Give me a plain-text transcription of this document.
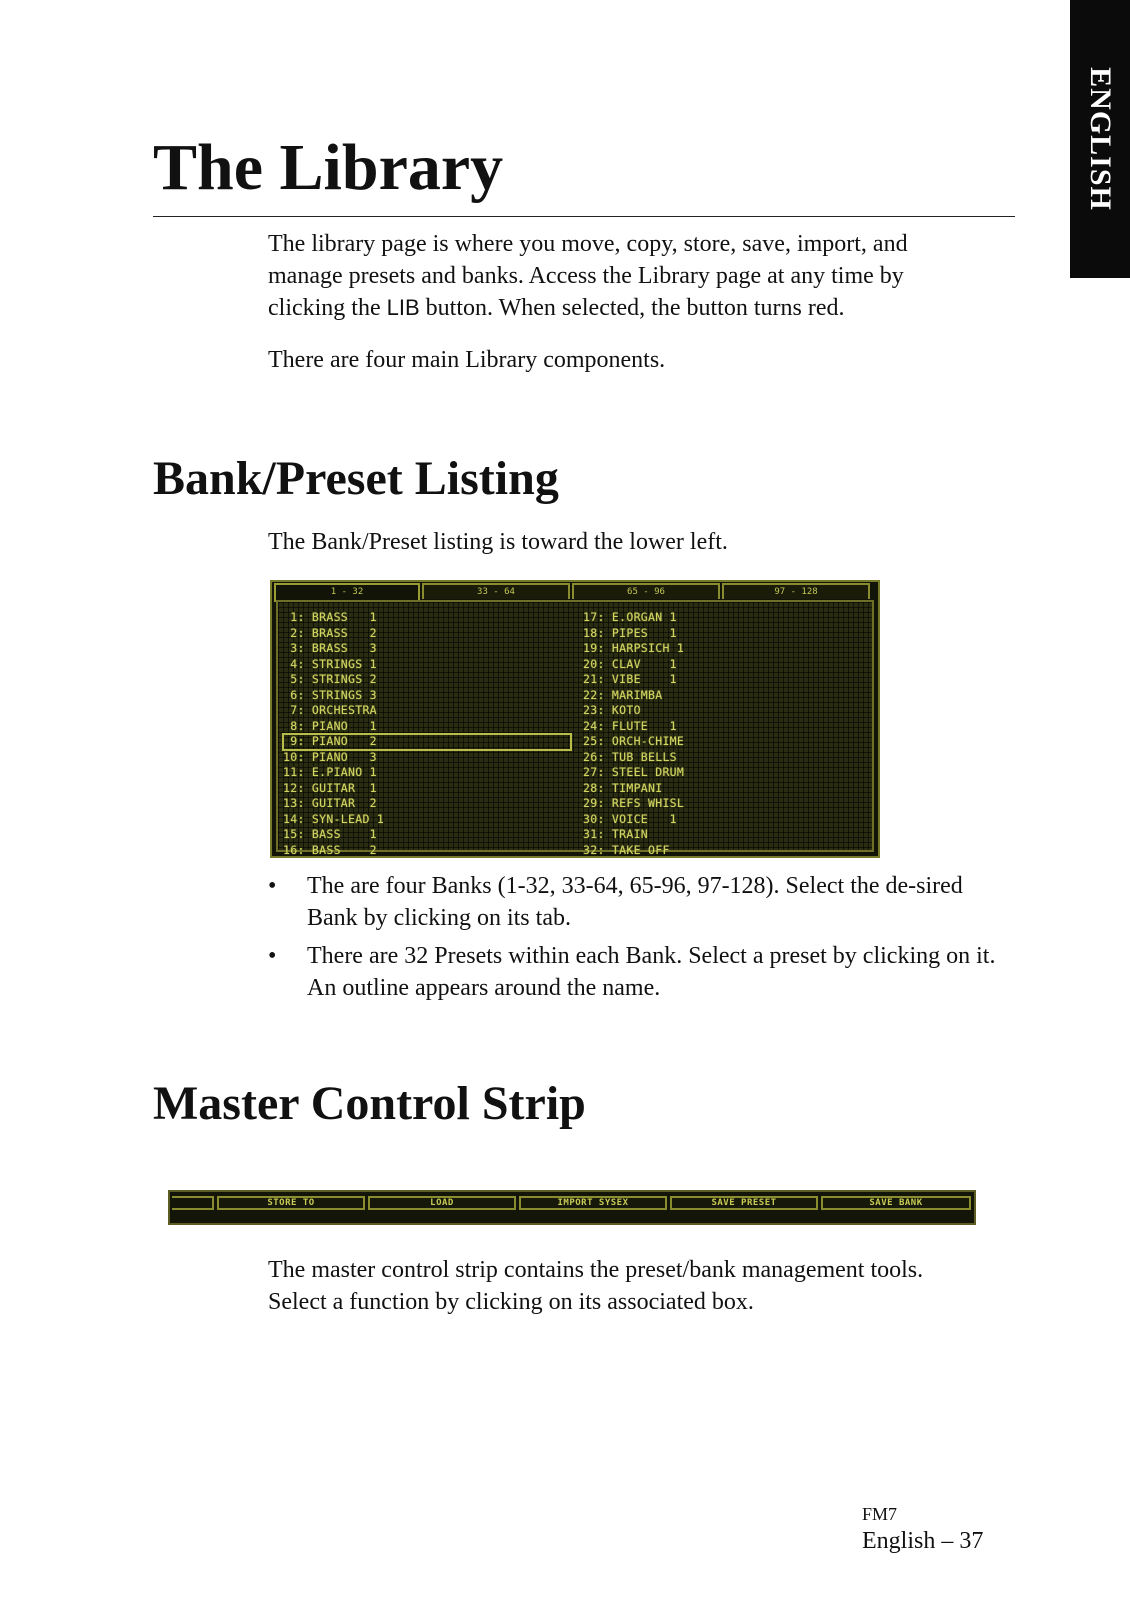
ENGLISH
The Library

The library page is where you move, copy, store, save, import, and
manage presets and banks. Access the Library page at any time by
clicking the LIB button. When selected, the button turns red.

There are four main Library components.

Bank/Preset Listing

The Bank/Preset listing is toward the lower left.

1 - 32	33 - 64	65 - 96	97 - 128
1: BRASS   1
2: BRASS   2
3: BRASS   3
4: STRINGS 1
5: STRINGS 2
6: STRINGS 3
7: ORCHESTRA
8: PIANO   1
9: PIANO   2
10: PIANO   3
11: E.PIANO 1
12: GUITAR  1
13: GUITAR  2
14: SYN-LEAD 1
15: BASS    1
16: BASS    2
17: E.ORGAN 1
18: PIPES   1
19: HARPSICH 1
20: CLAV    1
21: VIBE    1
22: MARIMBA
23: KOTO
24: FLUTE   1
25: ORCH-CHIME
26: TUB BELLS
27: STEEL DRUM
28: TIMPANI
29: REFS WHISL
30: VOICE   1
31: TRAIN
32: TAKE OFF
• The are four Banks (1-32, 33-64, 65-96, 97-128). Select the de-sired Bank by clicking on its tab.
• There are 32 Presets within each Bank. Select a preset by clicking on it. An outline appears around the name.
Master Control Strip
STORE TO	LOAD	IMPORT SYSEX	SAVE PRESET	SAVE BANK

The master control strip contains the preset/bank management tools.
Select a function by clicking on its associated box.

FM7
English – 37
